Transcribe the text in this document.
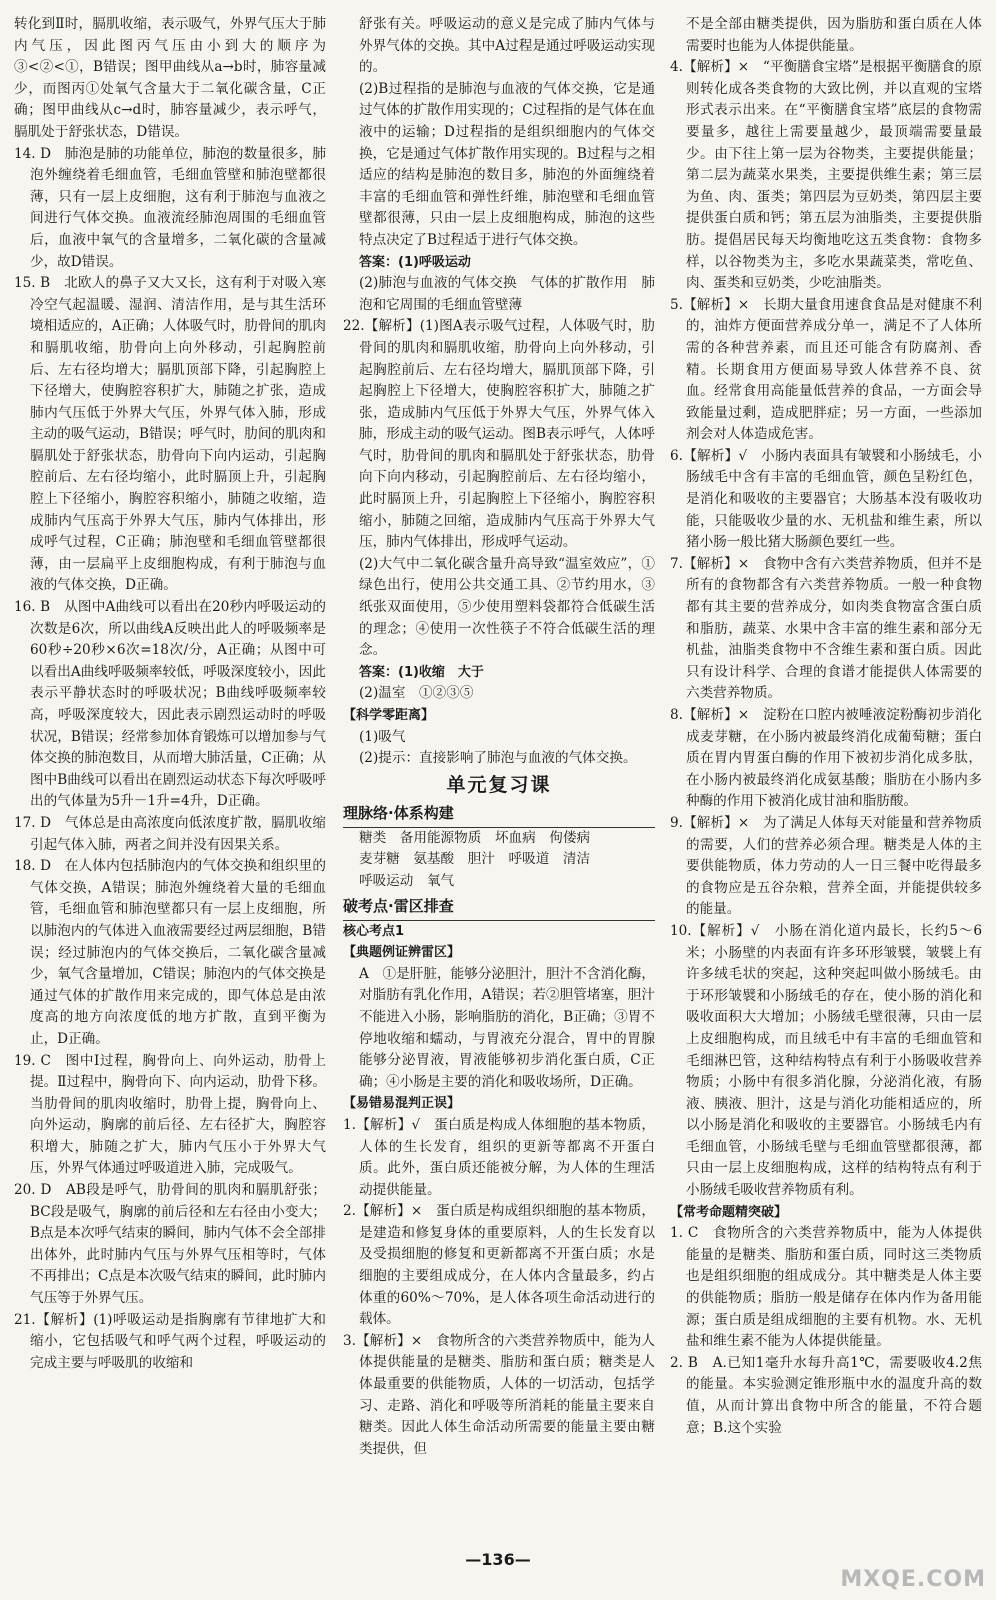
转化到Ⅱ时，膈肌收缩，表示吸气，外界气压大于肺内气压，因此图丙气压由小到大的顺序为③<②<①，B错误；图甲曲线从a→b时，肺容量减少，而图丙①处氧气含量大于二氧化碳含量，C正确；图甲曲线从c→d时，肺容量减少，表示呼气，膈肌处于舒张状态，D错误。

14. D　肺泡是肺的功能单位，肺泡的数量很多，肺泡外缠绕着毛细血管，毛细血管壁和肺泡壁都很薄，只有一层上皮细胞，这有利于肺泡与血液之间进行气体交换。血液流经肺泡周围的毛细血管后，血液中氧气的含量增多，二氧化碳的含量减少，故D错误。

15. B　北欧人的鼻子又大又长，这有利于对吸入寒冷空气起温暖、湿润、清洁作用，是与其生活环境相适应的，A正确；人体吸气时，肋骨间的肌肉和膈肌收缩，肋骨向上向外移动，引起胸腔前后、左右径均增大；膈肌顶部下降，引起胸腔上下径增大，使胸腔容积扩大，肺随之扩张，造成肺内气压低于外界大气压，外界气体入肺，形成主动的吸气运动，B错误；呼气时，肋间的肌肉和膈肌处于舒张状态，肋骨向下向内运动，引起胸腔前后、左右径均缩小，此时膈顶上升，引起胸腔上下径缩小，胸腔容积缩小，肺随之收缩，造成肺内气压高于外界大气压，肺内气体排出，形成呼气过程，C正确；肺泡壁和毛细血管壁都很薄，由一层扁平上皮细胞构成，有利于肺泡与血液的气体交换，D正确。

16. B　从图中A曲线可以看出在20秒内呼吸运动的次数是6次，所以曲线A反映出此人的呼吸频率是60秒÷20秒×6次=18次/分，A正确；从图中可以看出A曲线呼吸频率较低，呼吸深度较小，因此表示平静状态时的呼吸状况；B曲线呼吸频率较高，呼吸深度较大，因此表示剧烈运动时的呼吸状况，B错误；经常参加体育锻炼可以增加参与气体交换的肺泡数目，从而增大肺活量，C正确；从图中B曲线可以看出在剧烈运动状态下每次呼吸呼出的气体量为5升－1升=4升，D正确。

17. D　气体总是由高浓度向低浓度扩散，膈肌收缩引起气体入肺，两者之间并没有因果关系。

18. D　在人体内包括肺泡内的气体交换和组织里的气体交换，A错误；肺泡外缠绕着大量的毛细血管，毛细血管和肺泡壁都只有一层上皮细胞，所以肺泡内的气体进入血液需要经过两层细胞，B错误；经过肺泡内的气体交换后，二氧化碳含量减少，氧气含量增加，C错误；肺泡内的气体交换是通过气体的扩散作用来完成的，即气体总是由浓度高的地方向浓度低的地方扩散，直到平衡为止，D正确。

19. C　图中Ⅰ过程，胸骨向上、向外运动，肋骨上提。Ⅱ过程中，胸骨向下、向内运动，肋骨下移。当肋骨间的肌肉收缩时，肋骨上提，胸骨向上、向外运动，胸廓的前后径、左右径扩大，胸腔容积增大，肺随之扩大，肺内气压小于外界大气压，外界气体通过呼吸道进入肺，完成吸气。

20. D　AB段是呼气，肋骨间的肌肉和膈肌舒张；BC段是吸气，胸廓的前后径和左右径由小变大；B点是本次呼气结束的瞬间，肺内气体不会全部排出体外，此时肺内气压与外界气压相等时，气体不再排出；C点是本次吸气结束的瞬间，此时肺内气压等于外界气压。

21.【解析】(1)呼吸运动是指胸廓有节律地扩大和缩小，它包括吸气和呼气两个过程，呼吸运动的完成主要与呼吸肌的收缩和

舒张有关。呼吸运动的意义是完成了肺内气体与外界气体的交换。其中A过程是通过呼吸运动实现的。

(2)B过程指的是肺泡与血液的气体交换，它是通过气体的扩散作用实现的；C过程指的是气体在血液中的运输；D过程指的是组织细胞内的气体交换，它是通过气体扩散作用实现的。B过程与之相适应的结构是肺泡的数目多，肺泡的外面缠绕着丰富的毛细血管和弹性纤维，肺泡壁和毛细血管壁都很薄，只由一层上皮细胞构成，肺泡的这些特点决定了B过程适于进行气体交换。

答案：(1)呼吸运动

(2)肺泡与血液的气体交换　气体的扩散作用　肺泡和它周围的毛细血管壁薄

22.【解析】(1)图A表示吸气过程，人体吸气时，肋骨间的肌肉和膈肌收缩，肋骨向上向外移动，引起胸腔前后、左右径均增大，膈肌顶部下降，引起胸腔上下径增大，使胸腔容积扩大，肺随之扩张，造成肺内气压低于外界大气压，外界气体入肺，形成主动的吸气运动。图B表示呼气，人体呼气时，肋骨间的肌肉和膈肌处于舒张状态，肋骨向下向内移动，引起胸腔前后、左右径均缩小，此时膈顶上升，引起胸腔上下径缩小，胸腔容积缩小，肺随之回缩，造成肺内气压高于外界大气压，肺内气体排出，形成呼气运动。

(2)大气中二氧化碳含量升高导致“温室效应”，①绿色出行，使用公共交通工具、②节约用水，③纸张双面使用，⑤少使用塑料袋都符合低碳生活的理念；④使用一次性筷子不符合低碳生活的理念。

答案：(1)收缩　大于

(2)温室　①②③⑤

【科学零距离】

(1)吸气

(2)提示：直接影响了肺泡与血液的气体交换。

单元复习课

理脉络·体系构建

糖类　备用能源物质　坏血病　佝偻病

麦芽糖　氨基酸　胆汁　呼吸道　清洁

呼吸运动　氧气

破考点·雷区排查

核心考点1

【典题例证辨雷区】

A　①是肝脏，能够分泌胆汁，胆汁不含消化酶，对脂肪有乳化作用，A错误；若②胆管堵塞，胆汁不能进入小肠，影响脂肪的消化，B正确；③胃不停地收缩和蠕动，与胃液充分混合，胃中的胃腺能够分泌胃液，胃液能够初步消化蛋白质，C正确；④小肠是主要的消化和吸收场所，D正确。

【易错易混判正误】

1.【解析】√　蛋白质是构成人体细胞的基本物质，人体的生长发育，组织的更新等都离不开蛋白质。此外，蛋白质还能被分解，为人体的生理活动提供能量。

2.【解析】×　蛋白质是构成组织细胞的基本物质，是建造和修复身体的重要原料，人的生长发育以及受损细胞的修复和更新都离不开蛋白质；水是细胞的主要组成成分，在人体内含量最多，约占体重的60%～70%，是人体各项生命活动进行的载体。

3.【解析】×　食物所含的六类营养物质中，能为人体提供能量的是糖类、脂肪和蛋白质；糖类是人体最重要的供能物质，人体的一切活动，包括学习、走路、消化和呼吸等所消耗的能量主要来自糖类。因此人体生命活动所需要的能量主要由糖类提供，但

不是全部由糖类提供，因为脂肪和蛋白质在人体需要时也能为人体提供能量。

4.【解析】×　“平衡膳食宝塔”是根据平衡膳食的原则转化成各类食物的大致比例，并以直观的宝塔形式表示出来。在“平衡膳食宝塔”底层的食物需要量多，越往上需要量越少，最顶端需要量最少。由下往上第一层为谷物类，主要提供能量；第二层为蔬菜水果类，主要提供维生素；第三层为鱼、肉、蛋类；第四层为豆奶类，第四层主要提供蛋白质和钙；第五层为油脂类，主要提供脂肪。提倡居民每天均衡地吃这五类食物：食物多样，以谷物类为主，多吃水果蔬菜类，常吃鱼、肉、蛋类和豆奶类，少吃油脂类。

5.【解析】×　长期大量食用速食食品是对健康不利的，油炸方便面营养成分单一，满足不了人体所需的各种营养素，而且还可能含有防腐剂、香精。长期食用方便面易导致人体营养不良、贫血。经常食用高能量低营养的食品，一方面会导致能量过剩，造成肥胖症；另一方面，一些添加剂会对人体造成危害。

6.【解析】√　小肠内表面具有皱襞和小肠绒毛，小肠绒毛中含有丰富的毛细血管，颜色呈粉红色，是消化和吸收的主要器官；大肠基本没有吸收功能，只能吸收少量的水、无机盐和维生素，所以猪小肠一般比猪大肠颜色要红一些。

7.【解析】×　食物中含有六类营养物质，但并不是所有的食物都含有六类营养物质。一般一种食物都有其主要的营养成分，如肉类食物富含蛋白质和脂肪，蔬菜、水果中含丰富的维生素和部分无机盐，油脂类食物中不含维生素和蛋白质。因此只有设计科学、合理的食谱才能提供人体需要的六类营养物质。

8.【解析】×　淀粉在口腔内被唾液淀粉酶初步消化成麦芽糖，在小肠内被最终消化成葡萄糖；蛋白质在胃内胃蛋白酶的作用下被初步消化成多肽，在小肠内被最终消化成氨基酸；脂肪在小肠内多种酶的作用下被消化成甘油和脂肪酸。

9.【解析】×　为了满足人体每天对能量和营养物质的需要，人们的营养必须合理。糖类是人体的主要供能物质，体力劳动的人一日三餐中吃得最多的食物应是五谷杂粮，营养全面，并能提供较多的能量。

10.【解析】√　小肠在消化道内最长，长约5～6米；小肠壁的内表面有许多环形皱襞，皱襞上有许多绒毛状的突起，这种突起叫做小肠绒毛。由于环形皱襞和小肠绒毛的存在，使小肠的消化和吸收面积大大增加；小肠绒毛壁很薄，只由一层上皮细胞构成，而且绒毛中有丰富的毛细血管和毛细淋巴管，这种结构特点有利于小肠吸收营养物质；小肠中有很多消化腺，分泌消化液，有肠液、胰液、胆汁，这是与消化功能相适应的，所以小肠是消化和吸收的主要器官。小肠绒毛内有毛细血管，小肠绒毛壁与毛细血管壁都很薄，都只由一层上皮细胞构成，这样的结构特点有利于小肠绒毛吸收营养物质有利。

【常考命题精突破】

1. C　食物所含的六类营养物质中，能为人体提供能量的是糖类、脂肪和蛋白质，同时这三类物质也是组织细胞的组成成分。其中糖类是人体主要的供能物质；脂肪一般是储存在体内作为备用能源；蛋白质是组成细胞的主要有机物。水、无机盐和维生素不能为人体提供能量。

2. B　A.已知1毫升水每升高1℃，需要吸收4.2焦的能量。本实验测定锥形瓶中水的温度升高的数值，从而计算出食物中所含的能量，不符合题意；B.这个实验

—136—
MXQE.COM
